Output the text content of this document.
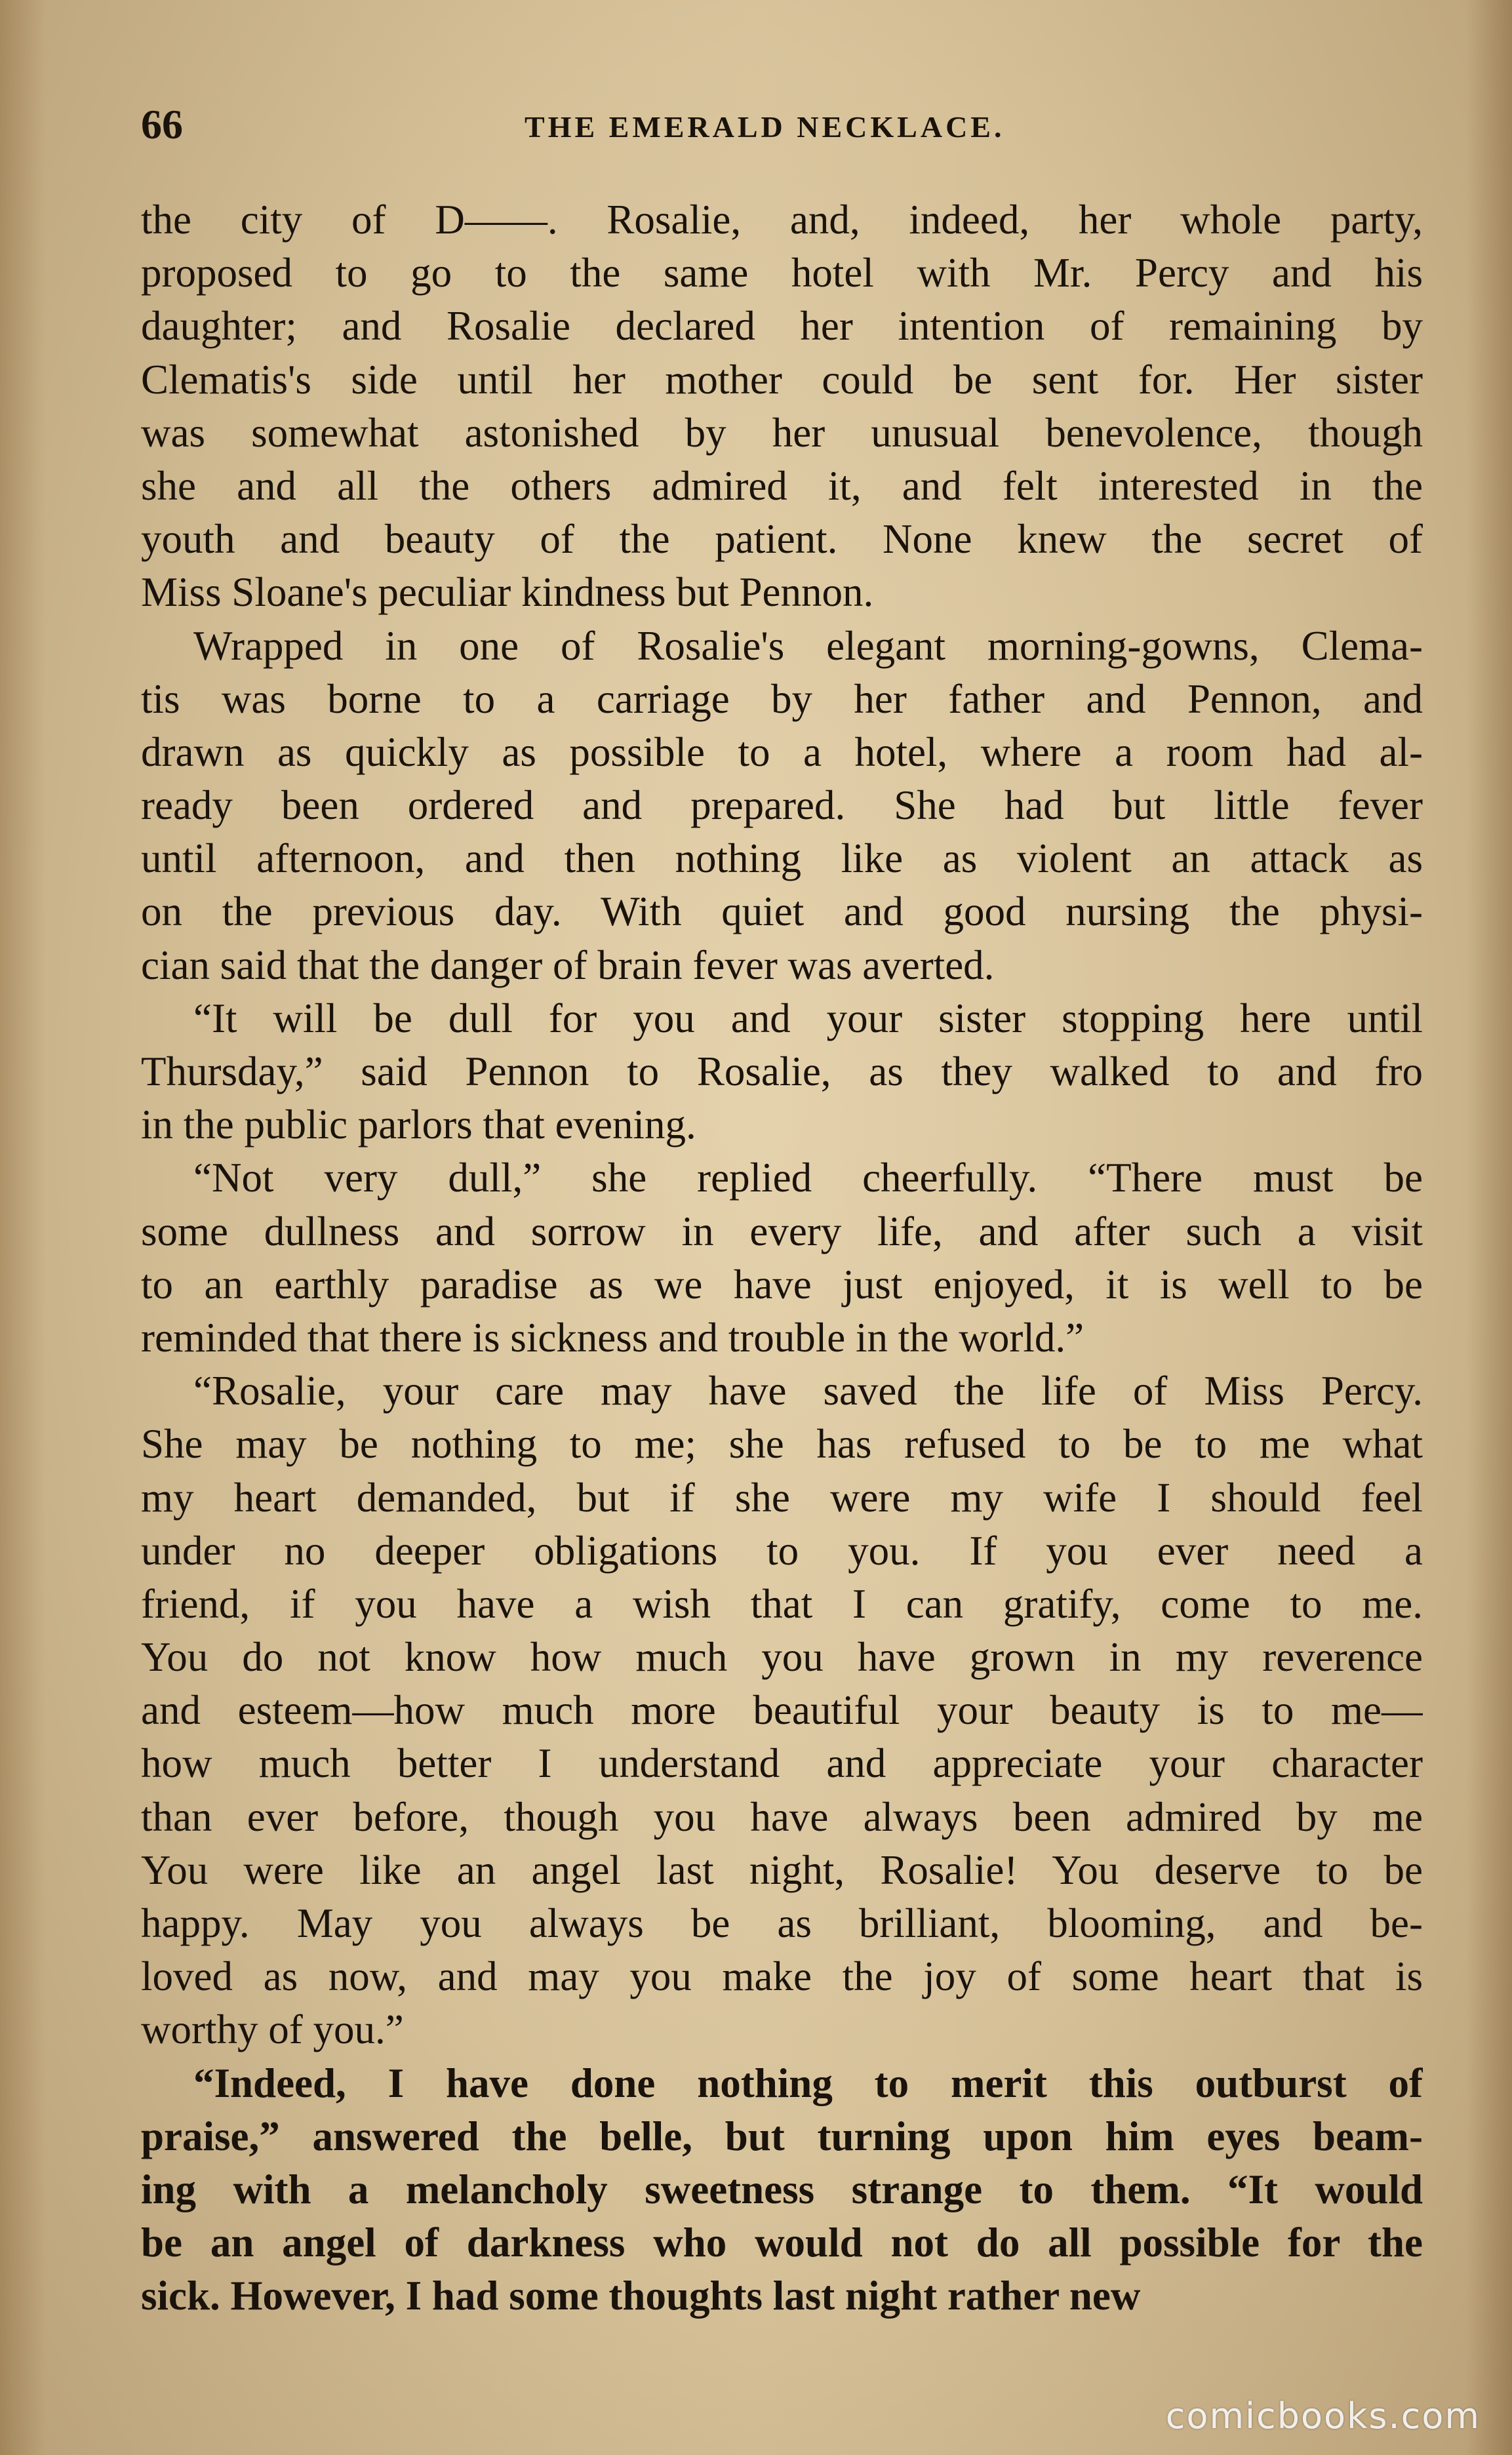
66	THE EMERALD NECKLACE.
the city of D——. Rosalie, and, indeed, her whole party,
proposed to go to the same hotel with Mr. Percy and his
daughter; and Rosalie declared her intention of remaining by
Clematis's side until her mother could be sent for. Her sister
was somewhat astonished by her unusual benevolence, though
she and all the others admired it, and felt interested in the
youth and beauty of the patient. None knew the secret of
Miss Sloane's peculiar kindness but Pennon.
Wrapped in one of Rosalie's elegant morning-gowns, Clema-
tis was borne to a carriage by her father and Pennon, and
drawn as quickly as possible to a hotel, where a room had al-
ready been ordered and prepared. She had but little fever
until afternoon, and then nothing like as violent an attack as
on the previous day. With quiet and good nursing the physi-
cian said that the danger of brain fever was averted.
“It will be dull for you and your sister stopping here until
Thursday,” said Pennon to Rosalie, as they walked to and fro
in the public parlors that evening.
“Not very dull,” she replied cheerfully. “There must be
some dullness and sorrow in every life, and after such a visit
to an earthly paradise as we have just enjoyed, it is well to be
reminded that there is sickness and trouble in the world.”
“Rosalie, your care may have saved the life of Miss Percy.
She may be nothing to me; she has refused to be to me what
my heart demanded, but if she were my wife I should feel
under no deeper obligations to you. If you ever need a
friend, if you have a wish that I can gratify, come to me.
You do not know how much you have grown in my reverence
and esteem—how much more beautiful your beauty is to me—
how much better I understand and appreciate your character
than ever before, though you have always been admired by me
You were like an angel last night, Rosalie! You deserve to be
happy. May you always be as brilliant, blooming, and be-
loved as now, and may you make the joy of some heart that is
worthy of you.”
“Indeed, I have done nothing to merit this outburst of
praise,” answered the belle, but turning upon him eyes beam-
ing with a melancholy sweetness strange to them. “It would
be an angel of darkness who would not do all possible for the
sick. However, I had some thoughts last night rather new
comicbooks.com
